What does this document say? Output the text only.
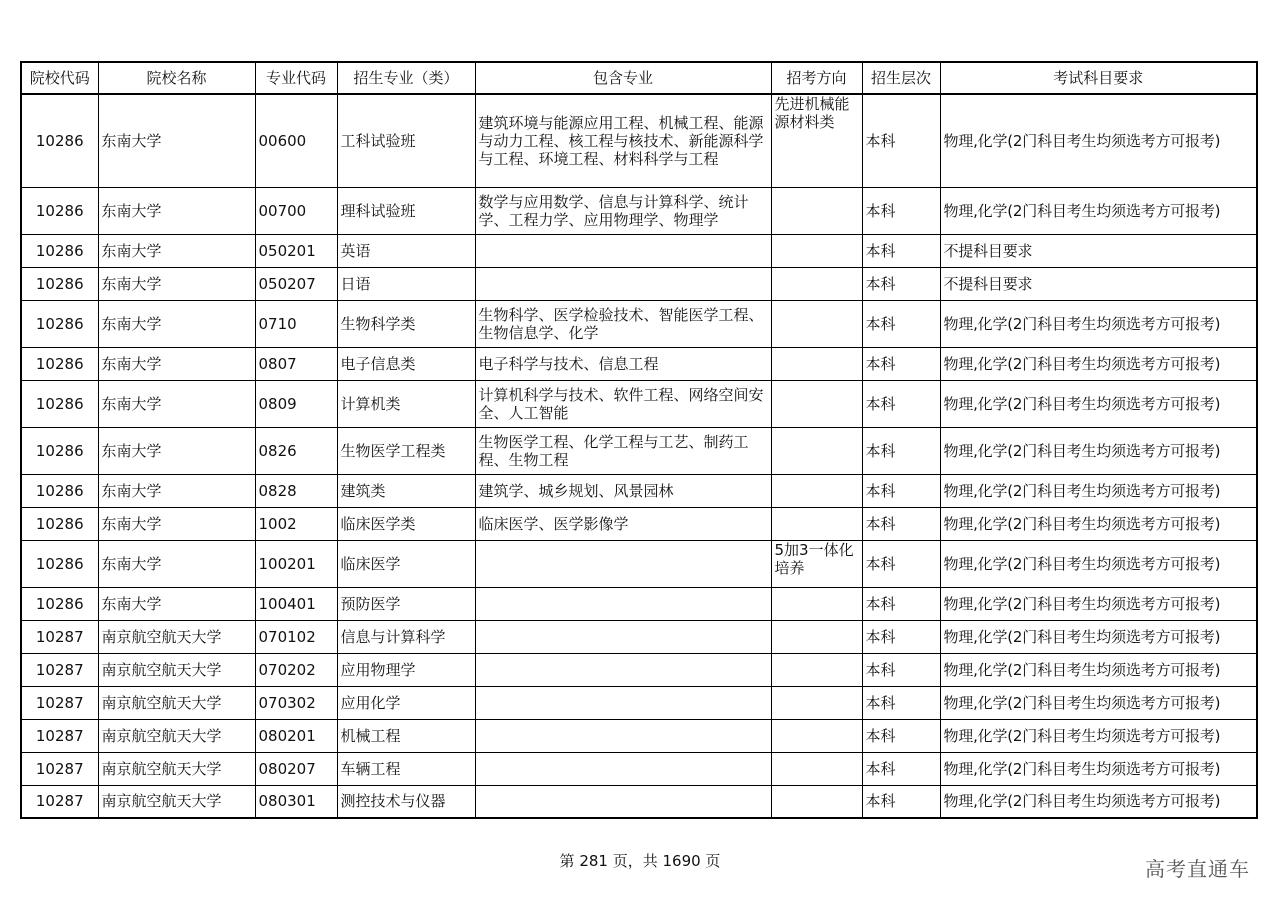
院校代码	院校名称	专业代码	招生专业（类）	包含专业	招考方向	招生层次	考试科目要求
10286	东南大学	00600	工科试验班	建筑环境与能源应用工程、机械工程、能源与动力工程、核工程与核技术、新能源科学与工程、环境工程、材料科学与工程	先进机械能源材料类	本科	物理,化学(2门科目考生均须选考方可报考)
10286	东南大学	00700	理科试验班	数学与应用数学、信息与计算科学、统计学、工程力学、应用物理学、物理学		本科	物理,化学(2门科目考生均须选考方可报考)
10286	东南大学	050201	英语			本科	不提科目要求
10286	东南大学	050207	日语			本科	不提科目要求
10286	东南大学	0710	生物科学类	生物科学、医学检验技术、智能医学工程、生物信息学、化学		本科	物理,化学(2门科目考生均须选考方可报考)
10286	东南大学	0807	电子信息类	电子科学与技术、信息工程		本科	物理,化学(2门科目考生均须选考方可报考)
10286	东南大学	0809	计算机类	计算机科学与技术、软件工程、网络空间安全、人工智能		本科	物理,化学(2门科目考生均须选考方可报考)
10286	东南大学	0826	生物医学工程类	生物医学工程、化学工程与工艺、制药工程、生物工程		本科	物理,化学(2门科目考生均须选考方可报考)
10286	东南大学	0828	建筑类	建筑学、城乡规划、风景园林		本科	物理,化学(2门科目考生均须选考方可报考)
10286	东南大学	1002	临床医学类	临床医学、医学影像学		本科	物理,化学(2门科目考生均须选考方可报考)
10286	东南大学	100201	临床医学		5加3一体化培养	本科	物理,化学(2门科目考生均须选考方可报考)
10286	东南大学	100401	预防医学			本科	物理,化学(2门科目考生均须选考方可报考)
10287	南京航空航天大学	070102	信息与计算科学			本科	物理,化学(2门科目考生均须选考方可报考)
10287	南京航空航天大学	070202	应用物理学			本科	物理,化学(2门科目考生均须选考方可报考)
10287	南京航空航天大学	070302	应用化学			本科	物理,化学(2门科目考生均须选考方可报考)
10287	南京航空航天大学	080201	机械工程			本科	物理,化学(2门科目考生均须选考方可报考)
10287	南京航空航天大学	080207	车辆工程			本科	物理,化学(2门科目考生均须选考方可报考)
10287	南京航空航天大学	080301	测控技术与仪器			本科	物理,化学(2门科目考生均须选考方可报考)
第 281 页，共 1690 页	高考直通车
